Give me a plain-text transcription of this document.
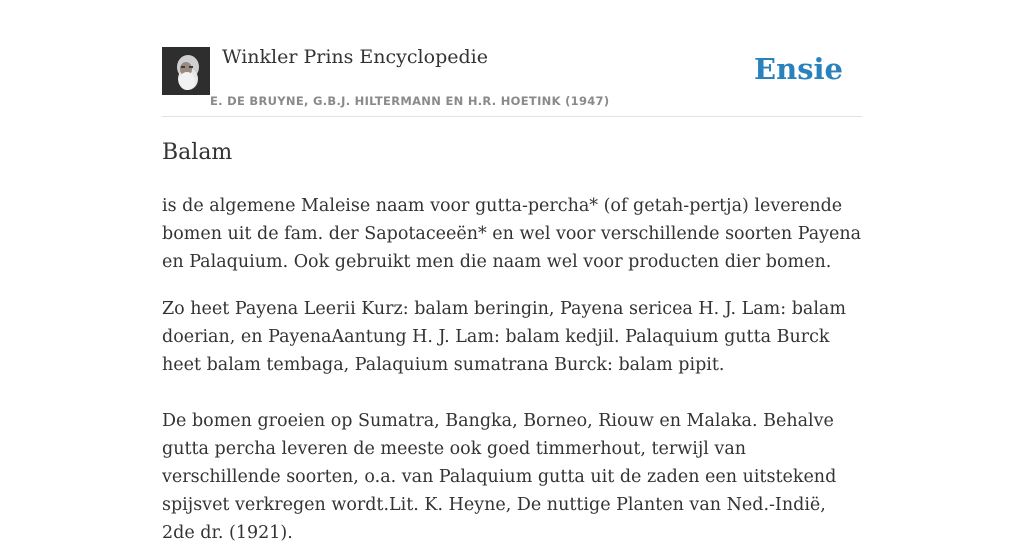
Winkler Prins Encyclopedie
E. DE BRUYNE, G.B.J. HILTERMANN EN H.R. HOETINK (1947)
Ensie
Balam

is de algemene Maleise naam voor gutta-percha* (of getah-pertja) leverende bomen uit de fam. der Sapotaceeën* en wel voor verschillende soorten Payena en Palaquium. Ook gebruikt men die naam wel voor producten dier bomen.

Zo heet Payena Leerii Kurz: balam beringin, Payena sericea H. J. Lam: balam doerian, en PayenaAantung H. J. Lam: balam kedjil. Palaquium gutta Burck heet balam tembaga, Palaquium sumatrana Burck: balam pipit.

De bomen groeien op Sumatra, Bangka, Borneo, Riouw en Malaka. Behalve gutta percha leveren de meeste ook goed timmerhout, terwijl van verschillende soorten, o.a. van Palaquium gutta uit de zaden een uitstekend spijsvet verkregen wordt.Lit. K. Heyne, De nuttige Planten van Ned.-Indië, 2de dr. (1921).
